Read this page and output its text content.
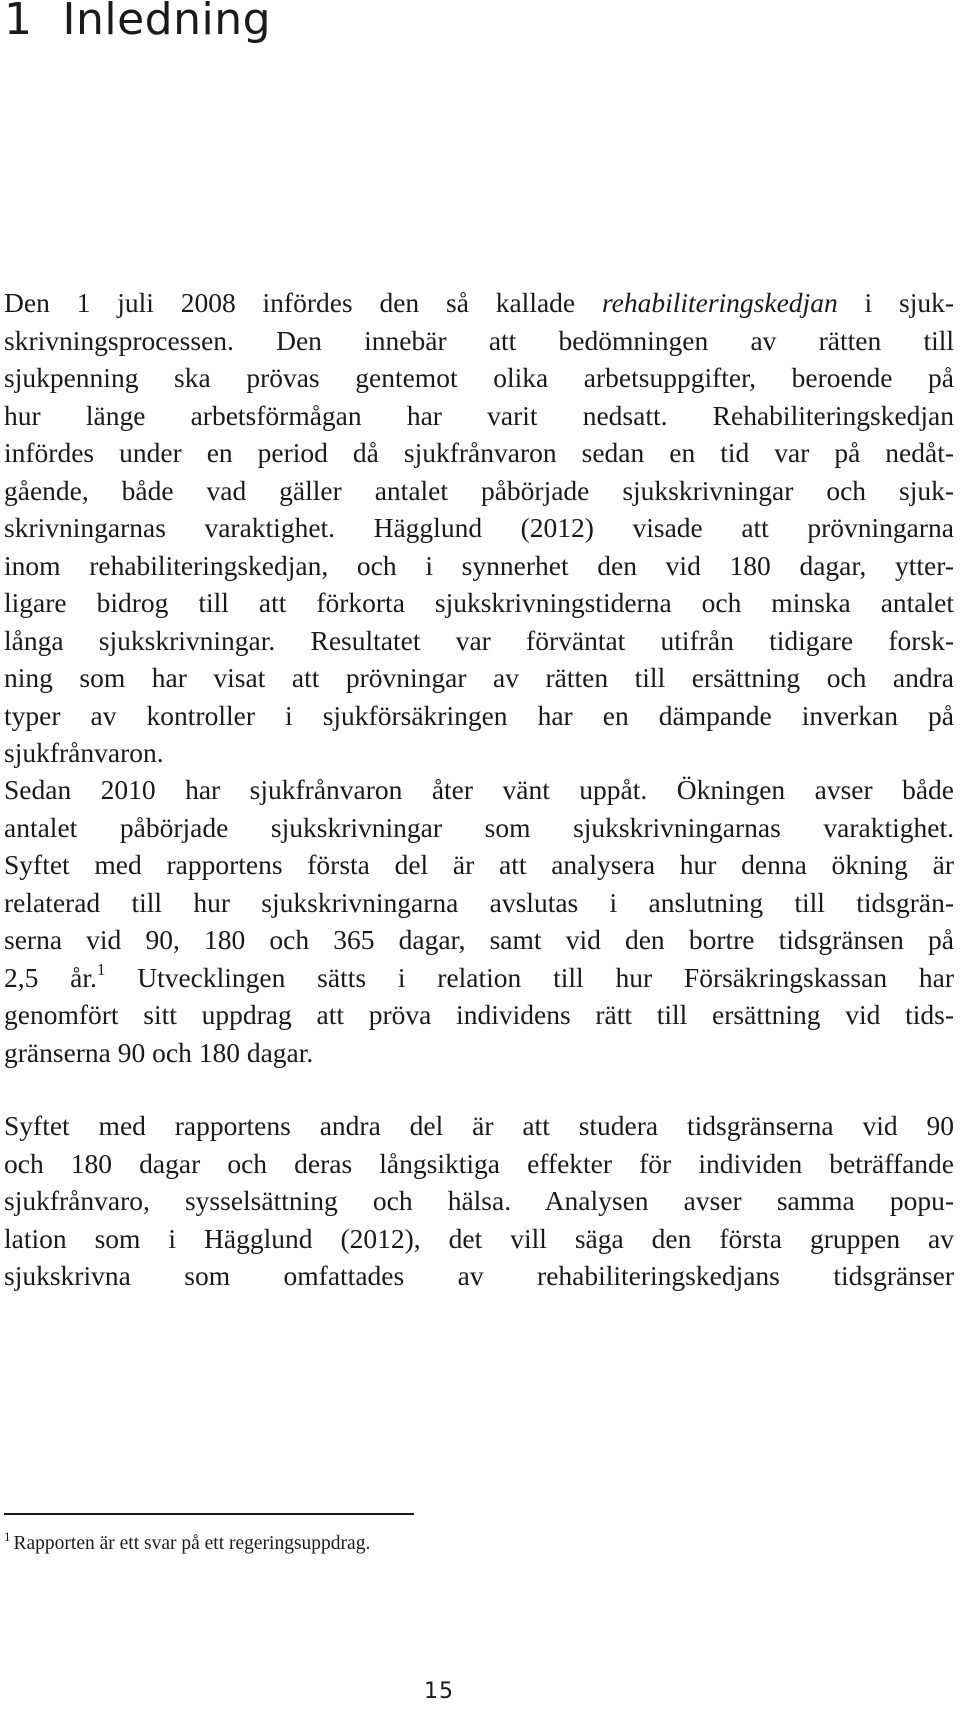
1 Inledning
Den 1 juli 2008 infördes den så kallade rehabiliteringskedjan i sjuk-
skrivningsprocessen. Den innebär att bedömningen av rätten till
sjukpenning ska prövas gentemot olika arbetsuppgifter, beroende på
hur länge arbetsförmågan har varit nedsatt. Rehabiliteringskedjan
infördes under en period då sjukfrånvaron sedan en tid var på nedåt-
gående, både vad gäller antalet påbörjade sjukskrivningar och sjuk-
skrivningarnas varaktighet. Hägglund (2012) visade att prövningarna
inom rehabiliteringskedjan, och i synnerhet den vid 180 dagar, ytter-
ligare bidrog till att förkorta sjukskrivningstiderna och minska antalet
långa sjukskrivningar. Resultatet var förväntat utifrån tidigare forsk-
ning som har visat att prövningar av rätten till ersättning och andra
typer av kontroller i sjukförsäkringen har en dämpande inverkan på
sjukfrånvaron.
Sedan 2010 har sjukfrånvaron åter vänt uppåt. Ökningen avser både
antalet påbörjade sjukskrivningar som sjukskrivningarnas varaktighet.
Syftet med rapportens första del är att analysera hur denna ökning är
relaterad till hur sjukskrivningarna avslutas i anslutning till tidsgrän-
serna vid 90, 180 och 365 dagar, samt vid den bortre tidsgränsen på
2,5 år.$^1$ Utvecklingen sätts i relation till hur Försäkringskassan har
genomfört sitt uppdrag att pröva individens rätt till ersättning vid tids-
gränserna 90 och 180 dagar.
Syftet med rapportens andra del är att studera tidsgränserna vid 90
och 180 dagar och deras långsiktiga effekter för individen beträffande
sjukfrånvaro, sysselsättning och hälsa. Analysen avser samma popu-
lation som i Hägglund (2012), det vill säga den första gruppen av
sjukskrivna som omfattades av rehabiliteringskedjans tidsgränser
$^1$ Rapporten är ett svar på ett regeringsuppdrag.
15
